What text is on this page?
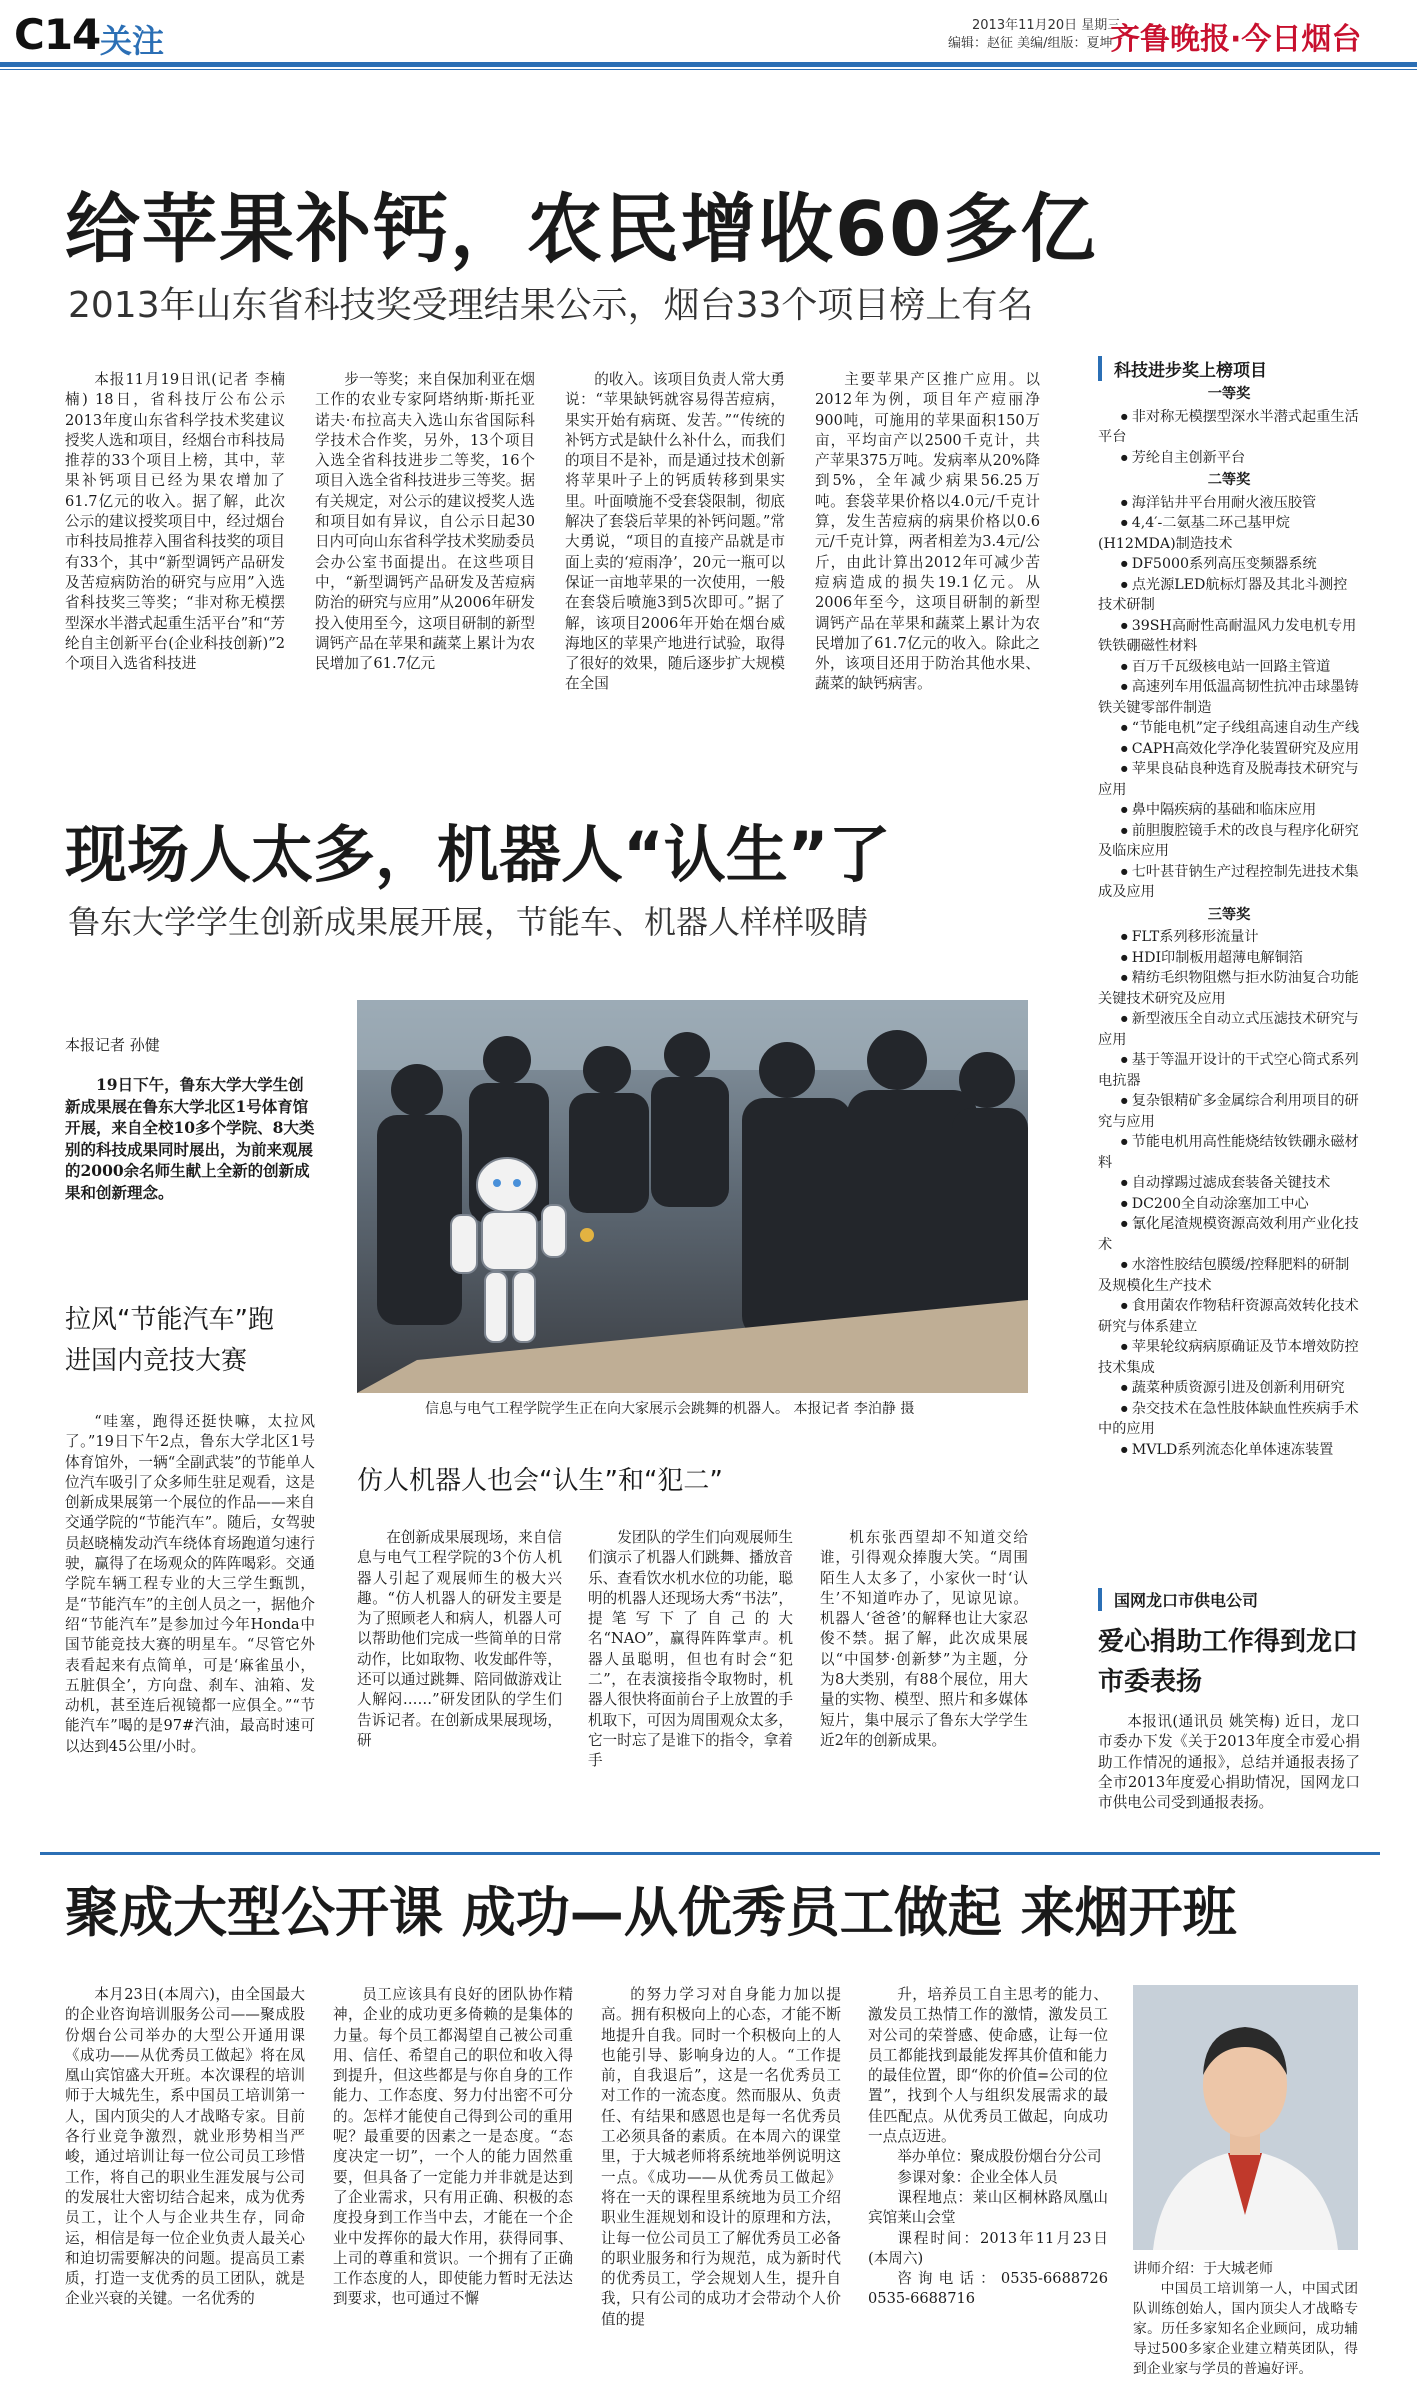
C14 关注	2013年11月20日 星期三
编辑：赵征 美编/组版：夏坤
齐鲁晚报·今日烟台
给苹果补钙，农民增收60多亿
2013年山东省科技奖受理结果公示，烟台33个项目榜上有名

本报11月19日讯(记者 李楠楠) 18日，省科技厅公布公示2013年度山东省科学技术奖建议授奖人选和项目，经烟台市科技局推荐的33个项目上榜，其中，苹果补钙项目已经为果农增加了61.7亿元的收入。据了解，此次公示的建议授奖项目中，经过烟台市科技局推荐入围省科技奖的项目有33个，其中“新型调钙产品研发及苦痘病防治的研究与应用”入选省科技奖三等奖；“非对称无模摆型深水半潜式起重生活平台”和“芳纶自主创新平台(企业科技创新)”2个项目入选省科技进

步一等奖；来自保加利亚在烟工作的农业专家阿塔纳斯·斯托亚诺夫·布拉高夫入选山东省国际科学技术合作奖，另外，13个项目入选全省科技进步二等奖，16个项目入选全省科技进步三等奖。据有关规定，对公示的建议授奖人选和项目如有异议，自公示日起30日内可向山东省科学技术奖励委员会办公室书面提出。在这些项目中，“新型调钙产品研发及苦痘病防治的研究与应用”从2006年研发投入使用至今，这项目研制的新型调钙产品在苹果和蔬菜上累计为农民增加了61.7亿元

的收入。该项目负责人常大勇说：“苹果缺钙就容易得苦痘病，果实开始有病斑、发苦。”“传统的补钙方式是缺什么补什么，而我们的项目不是补，而是通过技术创新将苹果叶子上的钙质转移到果实里。叶面喷施不受套袋限制，彻底解决了套袋后苹果的补钙问题。”常大勇说，“项目的直接产品就是市面上卖的‘痘雨净’，20元一瓶可以保证一亩地苹果的一次使用，一般在套袋后喷施3到5次即可。”据了解，该项目2006年开始在烟台威海地区的苹果产地进行试验，取得了很好的效果，随后逐步扩大规模在全国

主要苹果产区推广应用。以2012年为例，项目年产痘丽净900吨，可施用的苹果面积150万亩，平均亩产以2500千克计，共产苹果375万吨。发病率从20%降到5%，全年减少病果56.25万吨。套袋苹果价格以4.0元/千克计算，发生苦痘病的病果价格以0.6元/千克计算，两者相差为3.4元/公斤，由此计算出2012年可减少苦痘病造成的损失19.1亿元。从2006年至今，这项目研制的新型调钙产品在苹果和蔬菜上累计为农民增加了61.7亿元的收入。除此之外，该项目还用于防治其他水果、蔬菜的缺钙病害。

科技进步奖上榜项目
一等奖
● 非对称无模摆型深水半潜式起重生活平台
● 芳纶自主创新平台
二等奖
● 海洋钻井平台用耐火液压胶管
● 4,4′-二氨基二环己基甲烷(H12MDA)制造技术
● DF5000系列高压变频器系统
● 点光源LED航标灯器及其北斗测控技术研制
● 39SH高耐性高耐温风力发电机专用铁铁硼磁性材料
● 百万千瓦级核电站一回路主管道
● 高速列车用低温高韧性抗冲击球墨铸铁关键零部件制造
● “节能电机”定子线组高速自动生产线
● CAPH高效化学净化装置研究及应用
● 苹果良砧良种选育及脱毒技术研究与应用
● 鼻中隔疾病的基础和临床应用
● 前胆腹腔镜手术的改良与程序化研究及临床应用
● 七叶甚苷钠生产过程控制先进技术集成及应用
三等奖
● FLT系列移形流量计
● HDI印制板用超薄电解铜箔
● 精纺毛织物阻燃与拒水防油复合功能关键技术研究及应用
● 新型液压全自动立式压滤技术研究与应用
● 基于等温开设计的干式空心筒式系列电抗器
● 复杂银精矿多金属综合利用项目的研究与应用
● 节能电机用高性能烧结钕铁硼永磁材料
● 自动撑踢过滤成套装备关键技术
● DC200全自动涂塞加工中心
● 氰化尾渣规模资源高效利用产业化技术
● 水溶性胶结包膜缓/控释肥料的研制及规模化生产技术
● 食用菌农作物秸秆资源高效转化技术研究与体系建立
● 苹果轮纹病病原确证及节本增效防控技术集成
● 蔬菜种质资源引进及创新利用研究
● 杂交技术在急性肢体缺血性疾病手术中的应用
● MVLD系列流态化单体速冻装置
现场人太多，机器人“认生”了
鲁东大学学生创新成果展开展，节能车、机器人样样吸睛
本报记者 孙健
19日下午，鲁东大学大学生创新成果展在鲁东大学北区1号体育馆开展，来自全校10多个学院、8大类别的科技成果同时展出，为前来观展的2000余名师生献上全新的创新成果和创新理念。
信息与电气工程学院学生正在向大家展示会跳舞的机器人。 本报记者 李泊静 摄
拉风“节能汽车”跑进国内竞技大赛

“哇塞，跑得还挺快嘛，太拉风了。”19日下午2点，鲁东大学北区1号体育馆外，一辆“全副武装”的节能单人位汽车吸引了众多师生驻足观看，这是创新成果展第一个展位的作品——来自交通学院的“节能汽车”。随后，女驾驶员赵晓楠发动汽车绕体育场跑道匀速行驶，赢得了在场观众的阵阵喝彩。交通学院车辆工程专业的大三学生甄凯，是“节能汽车”的主创人员之一，据他介绍“节能汽车”是参加过今年Honda中国节能竞技大赛的明星车。“尽管它外表看起来有点简单，可是‘麻雀虽小，五脏俱全’，方向盘、刹车、油箱、发动机，甚至连后视镜都一应俱全。”“节能汽车”喝的是97#汽油，最高时速可以达到45公里/小时。

仿人机器人也会“认生”和“犯二”

在创新成果展现场，来自信息与电气工程学院的3个仿人机器人引起了观展师生的极大兴趣。“仿人机器人的研发主要是为了照顾老人和病人，机器人可以帮助他们完成一些简单的日常动作，比如取物、收发邮件等，还可以通过跳舞、陪同做游戏让人解闷……”研发团队的学生们告诉记者。在创新成果展现场，研

发团队的学生们向观展师生们演示了机器人们跳舞、播放音乐、查看饮水机水位的功能，聪明的机器人还现场大秀“书法”，提笔写下了自己的大名“NAO”，赢得阵阵掌声。机器人虽聪明，但也有时会“犯二”，在表演接指令取物时，机器人很快将面前台子上放置的手机取下，可因为周围观众太多，它一时忘了是谁下的指令，拿着手

机东张西望却不知道交给谁，引得观众捧腹大笑。“周围陌生人太多了，小家伙一时‘认生’不知道咋办了，见谅见谅。机器人‘爸爸’的解释也让大家忍俊不禁。据了解，此次成果展以“中国梦·创新梦”为主题，分为8大类别，有88个展位，用大量的实物、模型、照片和多媒体短片，集中展示了鲁东大学学生近2年的创新成果。

国网龙口市供电公司
爱心捐助工作得到龙口市委表扬
本报讯(通讯员 姚笑梅) 近日，龙口市委办下发《关于2013年度全市爱心捐助工作情况的通报》，总结并通报表扬了全市2013年度爱心捐助情况，国网龙口市供电公司受到通报表扬。
聚成大型公开课 成功—从优秀员工做起 来烟开班

本月23日(本周六)，由全国最大的企业咨询培训服务公司——聚成股份烟台公司举办的大型公开通用课《成功——从优秀员工做起》将在凤凰山宾馆盛大开班。本次课程的培训师于大城先生，系中国员工培训第一人，国内顶尖的人才战略专家。目前各行业竞争激烈，就业形势相当严峻，通过培训让每一位公司员工珍惜工作，将自己的职业生涯发展与公司的发展壮大密切结合起来，成为优秀员工，让个人与企业共生存，同命运，相信是每一位企业负责人最关心和迫切需要解决的问题。提高员工素质，打造一支优秀的员工团队，就是企业兴衰的关键。一名优秀的

员工应该具有良好的团队协作精神，企业的成功更多倚赖的是集体的力量。每个员工都渴望自己被公司重用、信任、希望自己的职位和收入得到提升，但这些都是与你自身的工作能力、工作态度、努力付出密不可分的。怎样才能使自己得到公司的重用呢？最重要的因素之一是态度。“态度决定一切”，一个人的能力固然重要，但具备了一定能力并非就是达到了企业需求，只有用正确、积极的态度投身到工作当中去，才能在一个企业中发挥你的最大作用，获得同事、上司的尊重和赏识。一个拥有了正确工作态度的人，即使能力暂时无法达到要求，也可通过不懈

的努力学习对自身能力加以提高。拥有积极向上的心态，才能不断地提升自我。同时一个积极向上的人也能引导、影响身边的人。“工作提前，自我退后”，这是一名优秀员工对工作的一流态度。然而服从、负责任、有结果和感恩也是每一名优秀员工必须具备的素质。在本周六的课堂里，于大城老师将系统地举例说明这一点。《成功——从优秀员工做起》将在一天的课程里系统地为员工介绍职业生涯规划和设计的原理和方法，让每一位公司员工了解优秀员工必备的职业服务和行为规范，成为新时代的优秀员工，学会规划人生，提升自我，只有公司的成功才会带动个人价值的提

升，培养员工自主思考的能力、激发员工热情工作的激情，激发员工对公司的荣誉感、使命感，让每一位员工都能找到最能发挥其价值和能力的最佳位置，即“你的价值=公司的位置”，找到个人与组织发展需求的最佳匹配点。从优秀员工做起，向成功一点点迈进。

举办单位：聚成股份烟台分公司
参课对象：企业全体人员
课程地点：莱山区桐林路凤凰山宾馆莱山会堂
课程时间：2013年11月23日(本周六)
咨询电话：0535-6688726 0535-6688716
讲师介绍：于大城老师
中国员工培训第一人，中国式团队训练创始人，国内顶尖人才战略专家。历任多家知名企业顾问，成功辅导过500多家企业建立精英团队，得到企业家与学员的普遍好评。
